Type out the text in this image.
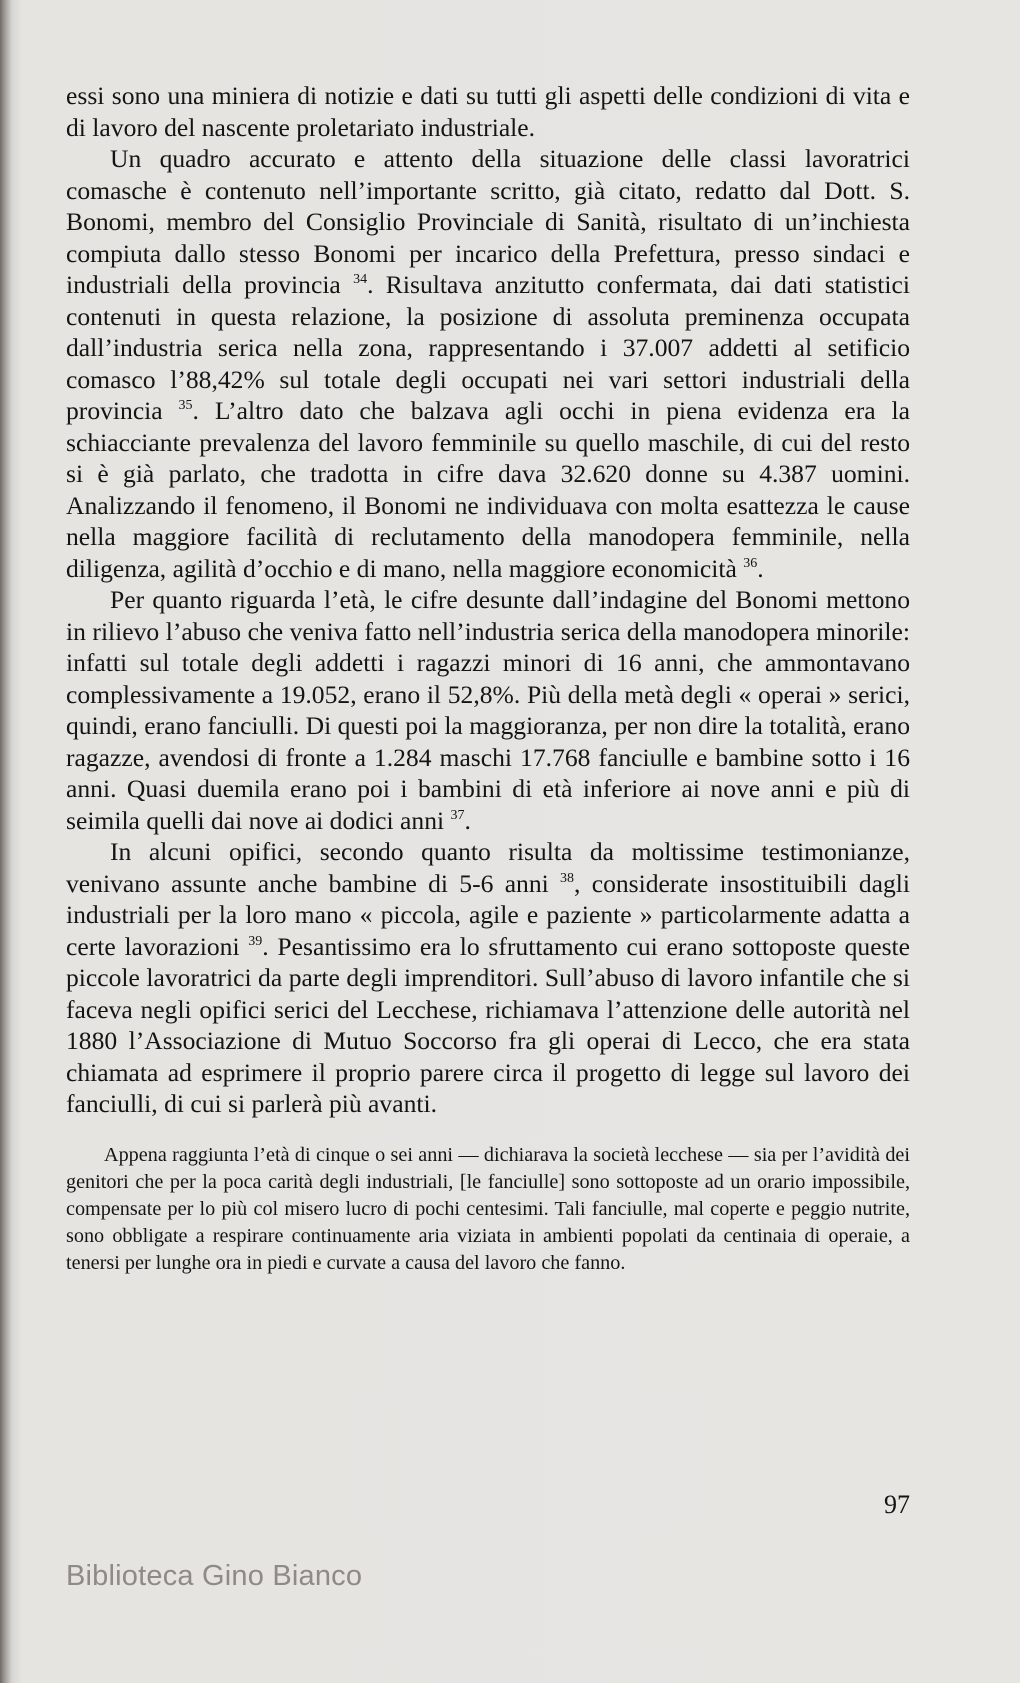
essi sono una miniera di notizie e dati su tutti gli aspetti delle condizioni di vita e di lavoro del nascente proletariato industriale.

Un quadro accurato e attento della situazione delle classi lavoratrici comasche è contenuto nell’importante scritto, già citato, redatto dal Dott. S. Bonomi, membro del Consiglio Provinciale di Sanità, risultato di un’inchiesta compiuta dallo stesso Bonomi per incarico della Prefettura, presso sindaci e industriali della provincia $^{34}$. Risultava anzitutto confermata, dai dati statistici contenuti in questa relazione, la posizione di assoluta preminenza occupata dall’industria serica nella zona, rappresentando i 37.007 addetti al setificio comasco l’88,42% sul totale degli occupati nei vari settori industriali della provincia $^{35}$. L’altro dato che balzava agli occhi in piena evidenza era la schiacciante prevalenza del lavoro femminile su quello maschile, di cui del resto si è già parlato, che tradotta in cifre dava 32.620 donne su 4.387 uomini. Analizzando il fenomeno, il Bonomi ne individuava con molta esattezza le cause nella maggiore facilità di reclutamento della manodopera femminile, nella diligenza, agilità d’occhio e di mano, nella maggiore economicità $^{36}$.

Per quanto riguarda l’età, le cifre desunte dall’indagine del Bonomi mettono in rilievo l’abuso che veniva fatto nell’industria serica della manodopera minorile: infatti sul totale degli addetti i ragazzi minori di 16 anni, che ammontavano complessivamente a 19.052, erano il 52,8%. Più della metà degli « operai » serici, quindi, erano fanciulli. Di questi poi la maggioranza, per non dire la totalità, erano ragazze, avendosi di fronte a 1.284 maschi 17.768 fanciulle e bambine sotto i 16 anni. Quasi duemila erano poi i bambini di età inferiore ai nove anni e più di seimila quelli dai nove ai dodici anni $^{37}$.

In alcuni opifici, secondo quanto risulta da moltissime testimonianze, venivano assunte anche bambine di 5-6 anni $^{38}$, considerate insostituibili dagli industriali per la loro mano « piccola, agile e paziente » particolarmente adatta a certe lavorazioni $^{39}$. Pesantissimo era lo sfruttamento cui erano sottoposte queste piccole lavoratrici da parte degli imprenditori. Sull’abuso di lavoro infantile che si faceva negli opifici serici del Lecchese, richiamava l’attenzione delle autorità nel 1880 l’Associazione di Mutuo Soccorso fra gli operai di Lecco, che era stata chiamata ad esprimere il proprio parere circa il progetto di legge sul lavoro dei fanciulli, di cui si parlerà più avanti.

Appena raggiunta l’età di cinque o sei anni — dichiarava la società lecchese — sia per l’avidità dei genitori che per la poca carità degli industriali, [le fanciulle] sono sottoposte ad un orario impossibile, compensate per lo più col misero lucro di pochi centesimi. Tali fanciulle, mal coperte e peggio nutrite, sono obbligate a respirare continuamente aria viziata in ambienti popolati da centinaia di operaie, a tenersi per lunghe ora in piedi e curvate a causa del lavoro che fanno.

97
Biblioteca Gino Bianco
